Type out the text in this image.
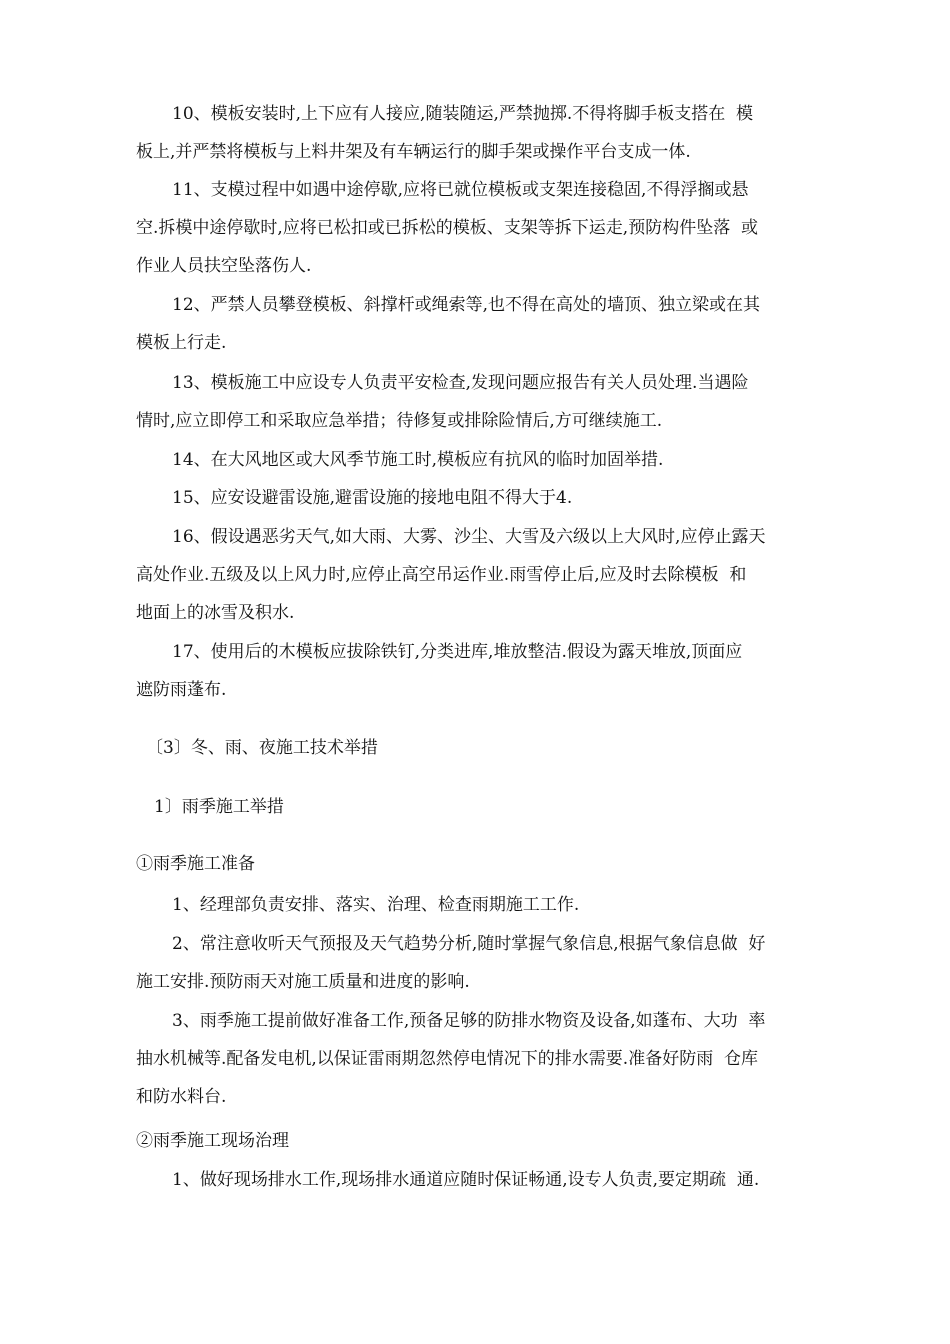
10、模板安装时,上下应有人接应,随装随运,严禁抛掷.不得将脚手板支搭在  模
板上,并严禁将模板与上料井架及有车辆运行的脚手架或操作平台支成一体.
11、支模过程中如遇中途停歇,应将已就位模板或支架连接稳固,不得浮搁或悬
空.拆模中途停歇时,应将已松扣或已拆松的模板、支架等拆下运走,预防构件坠落  或
作业人员扶空坠落伤人.
12、严禁人员攀登模板、斜撑杆或绳索等,也不得在高处的墙顶、独立梁或在其
模板上行走.
13、模板施工中应设专人负责平安检查,发现问题应报告有关人员处理.当遇险
情时,应立即停工和采取应急举措；待修复或排除险情后,方可继续施工.
14、在大风地区或大风季节施工时,模板应有抗风的临时加固举措.
15、应安设避雷设施,避雷设施的接地电阻不得大于4.
16、假设遇恶劣天气,如大雨、大雾、沙尘、大雪及六级以上大风时,应停止露天
高处作业.五级及以上风力时,应停止高空吊运作业.雨雪停止后,应及时去除模板  和
地面上的冰雪及积水.
17、使用后的木模板应拔除铁钉,分类进库,堆放整洁.假设为露天堆放,顶面应
遮防雨蓬布.
〔3〕冬、雨、夜施工技术举措
1〕雨季施工举措
①雨季施工准备
1、经理部负责安排、落实、治理、检查雨期施工工作.
2、常注意收听天气预报及天气趋势分析,随时掌握气象信息,根据气象信息做  好
施工安排.预防雨天对施工质量和进度的影响.
3、雨季施工提前做好准备工作,预备足够的防排水物资及设备,如蓬布、大功  率
抽水机械等.配备发电机,以保证雷雨期忽然停电情况下的排水需要.准备好防雨  仓库
和防水料台.
②雨季施工现场治理
1、做好现场排水工作,现场排水通道应随时保证畅通,设专人负责,要定期疏  通.
